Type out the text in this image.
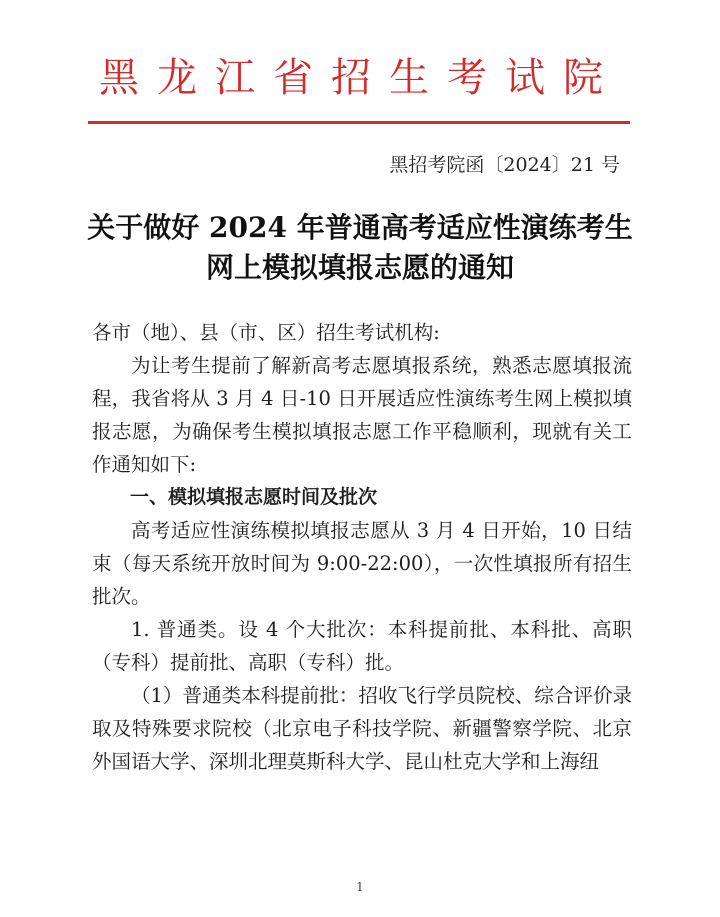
黑龙江省招生考试院
黑招考院函〔2024〕21 号
关于做好 2024 年普通高考适应性演练考生
网上模拟填报志愿的通知

各市（地）、县（市、区）招生考试机构:

为让考生提前了解新高考志愿填报系统，熟悉志愿填报流程，我省将从 3 月 4 日-10 日开展适应性演练考生网上模拟填报志愿，为确保考生模拟填报志愿工作平稳顺利，现就有关工作通知如下:

一、模拟填报志愿时间及批次

高考适应性演练模拟填报志愿从 3 月 4 日开始，10 日结束（每天系统开放时间为 9:00-22:00），一次性填报所有招生批次。

1. 普通类。设 4 个大批次：本科提前批、本科批、高职（专科）提前批、高职（专科）批。

（1）普通类本科提前批：招收飞行学员院校、综合评价录取及特殊要求院校（北京电子科技学院、新疆警察学院、北京外国语大学、深圳北理莫斯科大学、昆山杜克大学和上海纽

1
